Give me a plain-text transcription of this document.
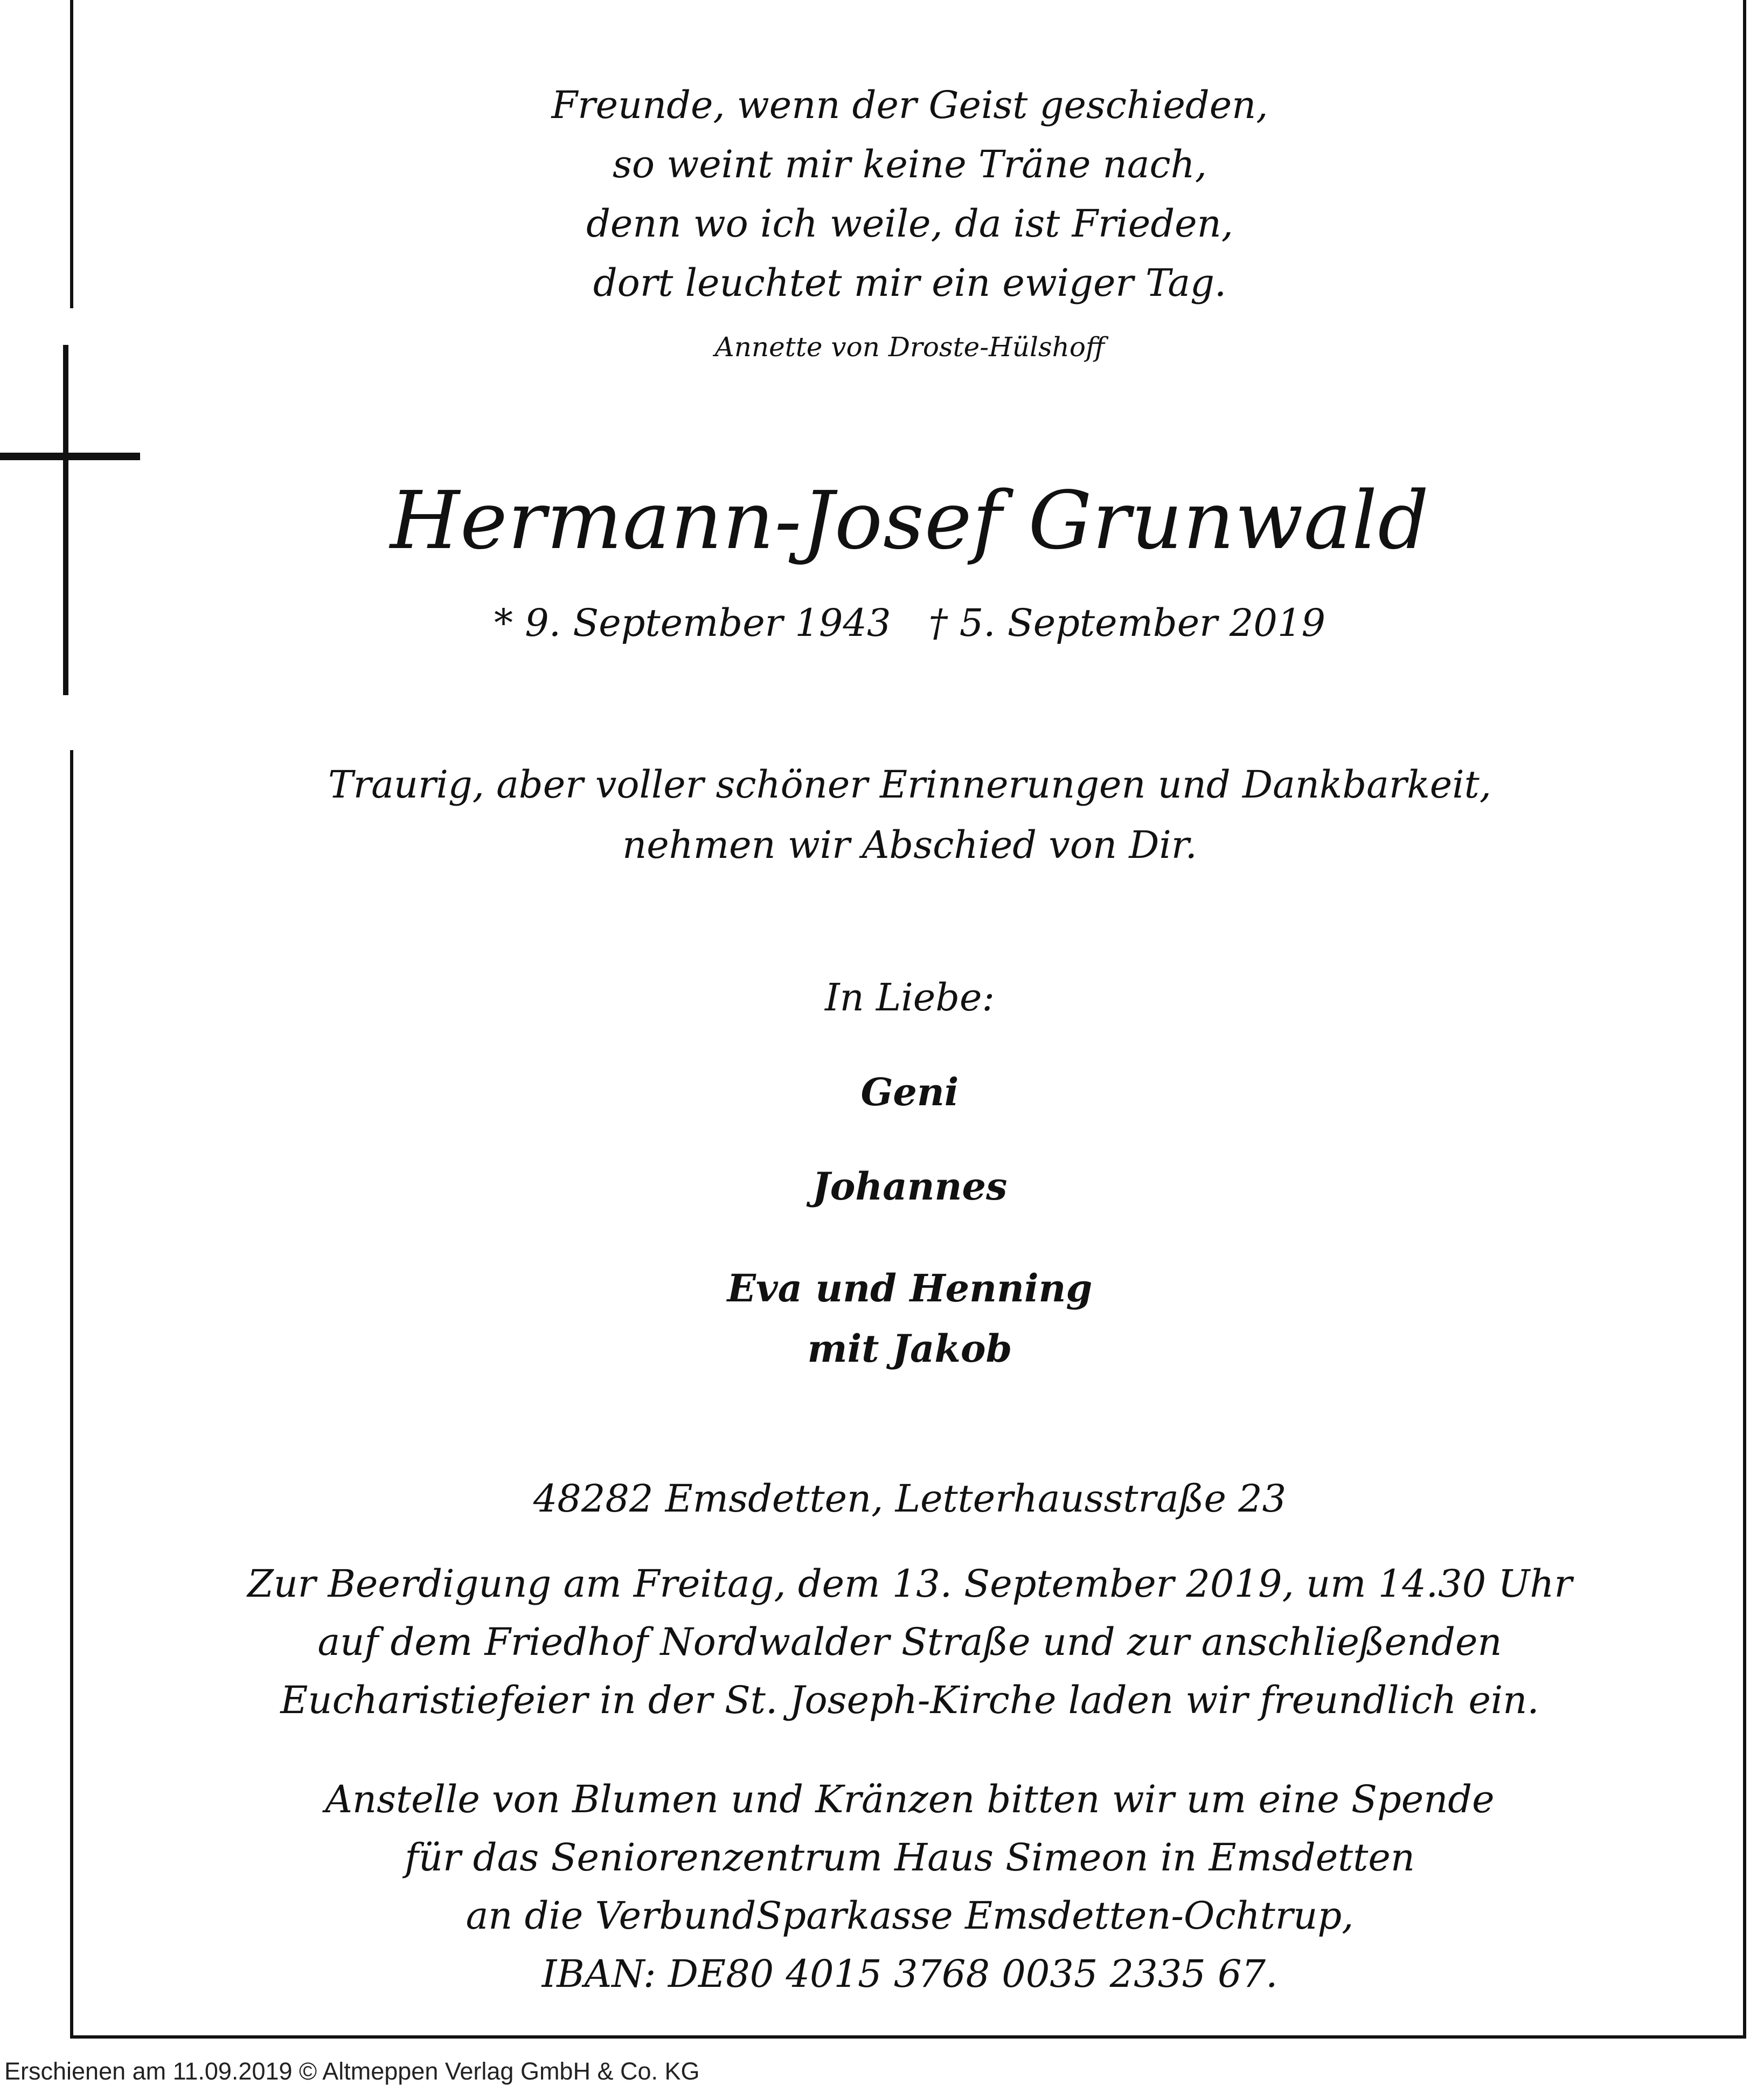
Freunde, wenn der Geist geschieden,
so weint mir keine Träne nach,
denn wo ich weile, da ist Frieden,
dort leuchtet mir ein ewiger Tag.
Annette von Droste-Hülshoff
Hermann-Josef Grunwald
* 9. September 1943 † 5. September 2019
Traurig, aber voller schöner Erinnerungen und Dankbarkeit,
nehmen wir Abschied von Dir.
In Liebe:
Geni
Johannes
Eva und Henning
mit Jakob
48282 Emsdetten, Letterhausstraße 23
Zur Beerdigung am Freitag, dem 13. September 2019, um 14.30 Uhr
auf dem Friedhof Nordwalder Straße und zur anschließenden
Eucharistiefeier in der St. Joseph-Kirche laden wir freundlich ein.
Anstelle von Blumen und Kränzen bitten wir um eine Spende
für das Seniorenzentrum Haus Simeon in Emsdetten
an die VerbundSparkasse Emsdetten-Ochtrup,
IBAN: DE80 4015 3768 0035 2335 67.
Erschienen am 11.09.2019 © Altmeppen Verlag GmbH & Co. KG
